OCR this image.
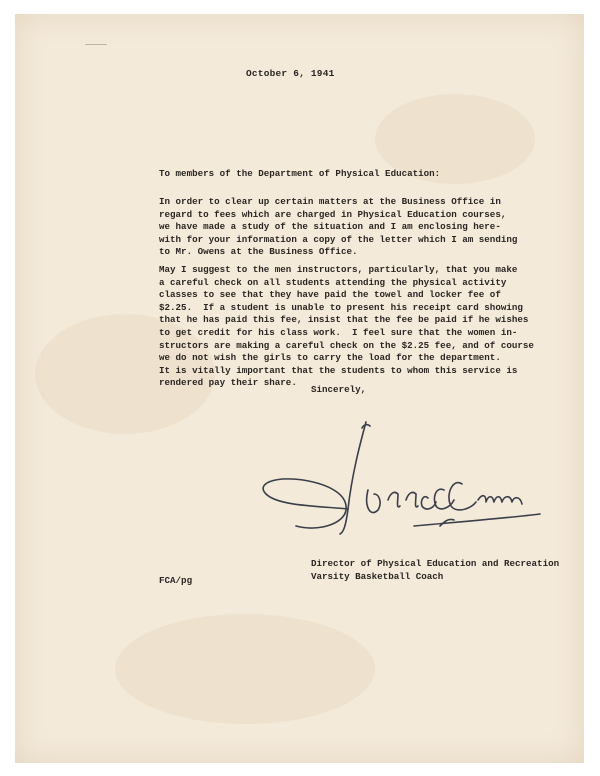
October 6, 1941
To members of the Department of Physical Education:
In order to clear up certain matters at the Business Office in
regard to fees which are charged in Physical Education courses,
we have made a study of the situation and I am enclosing here-
with for your information a copy of the letter which I am sending
to Mr. Owens at the Business Office.
May I suggest to the men instructors, particularly, that you make
a careful check on all students attending the physical activity
classes to see that they have paid the towel and locker fee of
$2.25.  If a student is unable to present his receipt card showing
that he has paid this fee, insist that the fee be paid if he wishes
to get credit for his class work.  I feel sure that the women in-
structors are making a careful check on the $2.25 fee, and of course
we do not wish the girls to carry the load for the department.
It is vitally important that the students to whom this service is
rendered pay their share.
Sincerely,
Director of Physical Education and Recreation
Varsity Basketball Coach
FCA/pg
